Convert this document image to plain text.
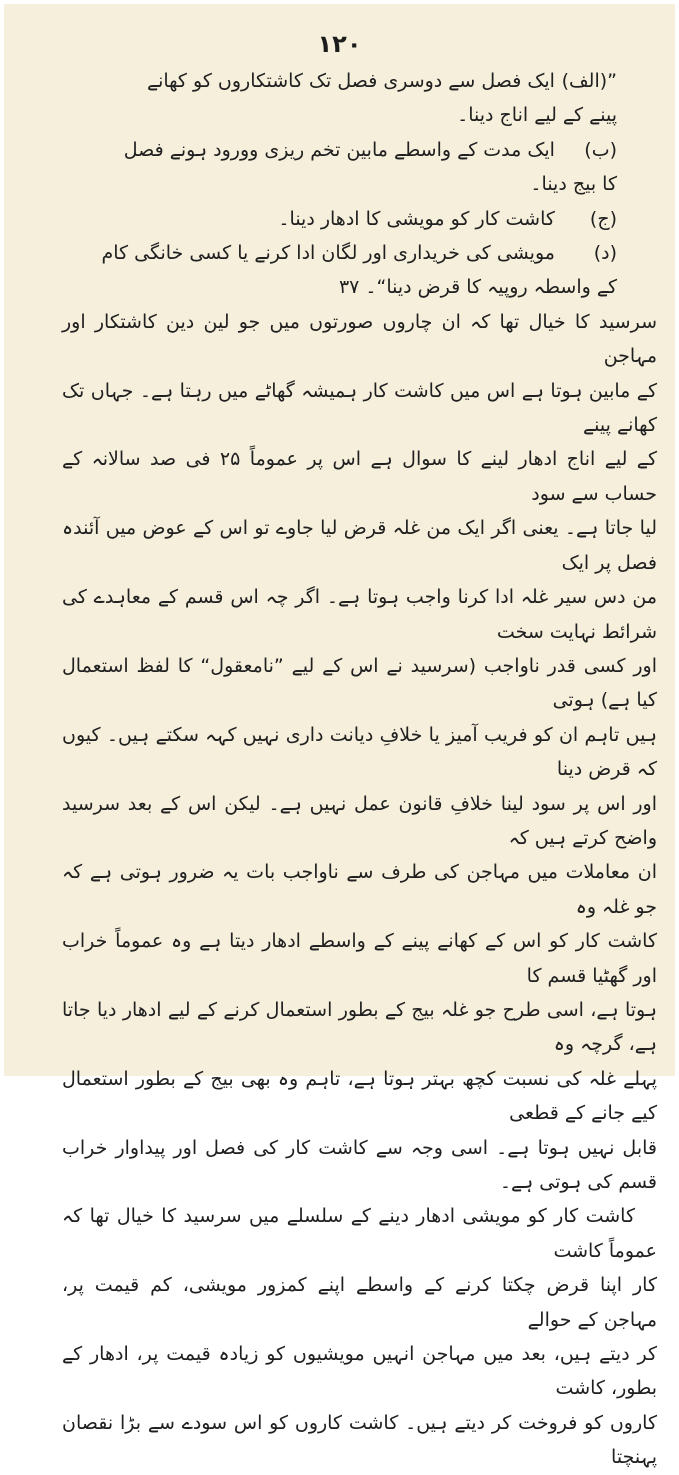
۱۲۰

”(الف) ایک فصل سے دوسری فصل تک کاشتکاروں کو کھانے

پینے کے لیے اناج دینا۔

(ب) ایک مدت کے واسطے مابین تخم ریزی وورود ہونے فصل

کا بیج دینا۔

(ج) کاشت کار کو مویشی کا ادھار دینا۔

(د) مویشی کی خریداری اور لگان ادا کرنے یا کسی خانگی کام

کے واسطہ روپیہ کا قرض دینا“۔ ۳۷

سرسید کا خیال تھا کہ ان چاروں صورتوں میں جو لین دین کاشتکار اور مہاجن

کے مابین ہوتا ہے اس میں کاشت کار ہمیشہ گھاٹے میں رہتا ہے۔ جہاں تک کھانے پینے

کے لیے اناج ادھار لینے کا سوال ہے اس پر عموماً ۲۵ فی صد سالانہ کے حساب سے سود

لیا جاتا ہے۔ یعنی اگر ایک من غلہ قرض لیا جاوے تو اس کے عوض میں آئندہ فصل پر ایک

من دس سیر غلہ ادا کرنا واجب ہوتا ہے۔ اگر چہ اس قسم کے معاہدے کی شرائط نہایت سخت

اور کسی قدر ناواجب (سرسید نے اس کے لیے ”نامعقول“ کا لفظ استعمال کیا ہے) ہوتی

ہیں تاہم ان کو فریب آمیز یا خلافِ دیانت داری نہیں کہہ سکتے ہیں۔ کیوں کہ قرض دینا

اور اس پر سود لینا خلافِ قانون عمل نہیں ہے۔ لیکن اس کے بعد سرسید واضح کرتے ہیں کہ

ان معاملات میں مہاجن کی طرف سے ناواجب بات یہ ضرور ہوتی ہے کہ جو غلہ وہ

کاشت کار کو اس کے کھانے پینے کے واسطے ادھار دیتا ہے وہ عموماً خراب اور گھٹیا قسم کا

ہوتا ہے، اسی طرح جو غلہ بیج کے بطور استعمال کرنے کے لیے ادھار دیا جاتا ہے، گرچہ وہ

پہلے غلہ کی نسبت کچھ بہتر ہوتا ہے، تاہم وہ بھی بیج کے بطور استعمال کیے جانے کے قطعی

قابل نہیں ہوتا ہے۔ اسی وجہ سے کاشت کار کی فصل اور پیداوار خراب قسم کی ہوتی ہے۔

کاشت کار کو مویشی ادھار دینے کے سلسلے میں سرسید کا خیال تھا کہ عموماً کاشت

کار اپنا قرض چکتا کرنے کے واسطے اپنے کمزور مویشی، کم قیمت پر، مہاجن کے حوالے

کر دیتے ہیں، بعد میں مہاجن انہیں مویشیوں کو زیادہ قیمت پر، ادھار کے بطور، کاشت

کاروں کو فروخت کر دیتے ہیں۔ کاشت کاروں کو اس سودے سے بڑا نقصان پہنچتا
